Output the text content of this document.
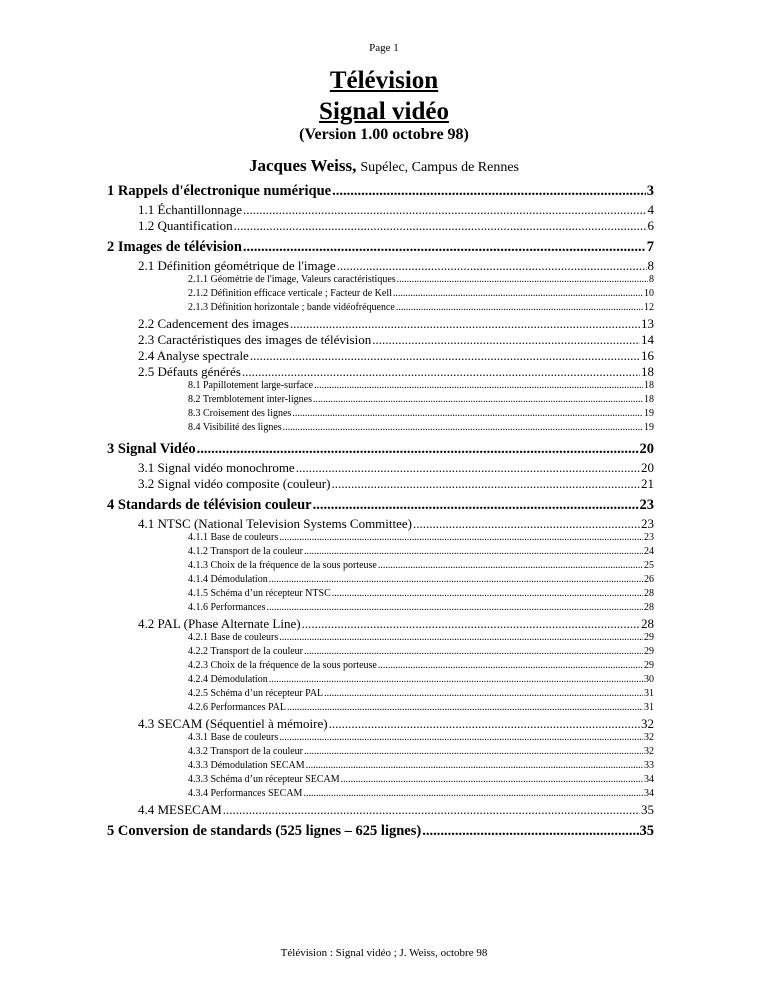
Page 1
Télévision
Signal vidéo
(Version 1.00 octobre 98)
Jacques Weiss, Supélec, Campus de Rennes
1 Rappels d'électronique numérique .....	3
1.1 Échantillonnage .....	4
1.2 Quantification .....	6
2 Images de télévision .....	7
2.1 Définition géométrique de l'image .....	8
2.1.1 Géométrie de l'image, Valeurs caractéristiques .....	8
2.1.2 Définition efficace verticale ; Facteur de Kell .....	10
2.1.3 Définition horizontale ; bande vidéofréquence .....	12
2.2 Cadencement des images .....	13
2.3 Caractéristiques des images de télévision .....	14
2.4 Analyse spectrale .....	16
2.5 Défauts générés .....	18
8.1 Papillotement large-surface .....	18
8.2 Tremblotement inter-lignes .....	18
8.3 Croisement des lignes .....	19
8.4 Visibilité des lignes .....	19
3 Signal Vidéo .....	20
3.1 Signal vidéo monochrome .....	20
3.2 Signal vidéo composite (couleur) .....	21
4 Standards de télévision couleur .....	23
4.1 NTSC (National Television Systems Committee) .....	23
4.1.1 Base de couleurs .....	23
4.1.2 Transport de la couleur .....	24
4.1.3 Choix de la fréquence de la sous porteuse .....	25
4.1.4 Démodulation .....	26
4.1.5 Schéma d’un récepteur NTSC .....	28
4.1.6 Performances .....	28
4.2 PAL (Phase Alternate Line) .....	28
4.2.1 Base de couleurs .....	29
4.2.2 Transport de la couleur .....	29
4.2.3 Choix de la fréquence de la sous porteuse .....	29
4.2.4 Démodulation .....	30
4.2.5 Schéma d’un récepteur PAL .....	31
4.2.6 Performances PAL .....	31
4.3 SECAM (Séquentiel à mémoire) .....	32
4.3.1 Base de couleurs .....	32
4.3.2 Transport de la couleur .....	32
4.3.3 Démodulation SECAM .....	33
4.3.3 Schéma d’un récepteur SECAM .....	34
4.3.4 Performances SECAM .....	34
4.4 MESECAM .....	35
5 Conversion de standards (525 lignes – 625 lignes) .....	35
Télévision : Signal vidéo ; J. Weiss, octobre 98
